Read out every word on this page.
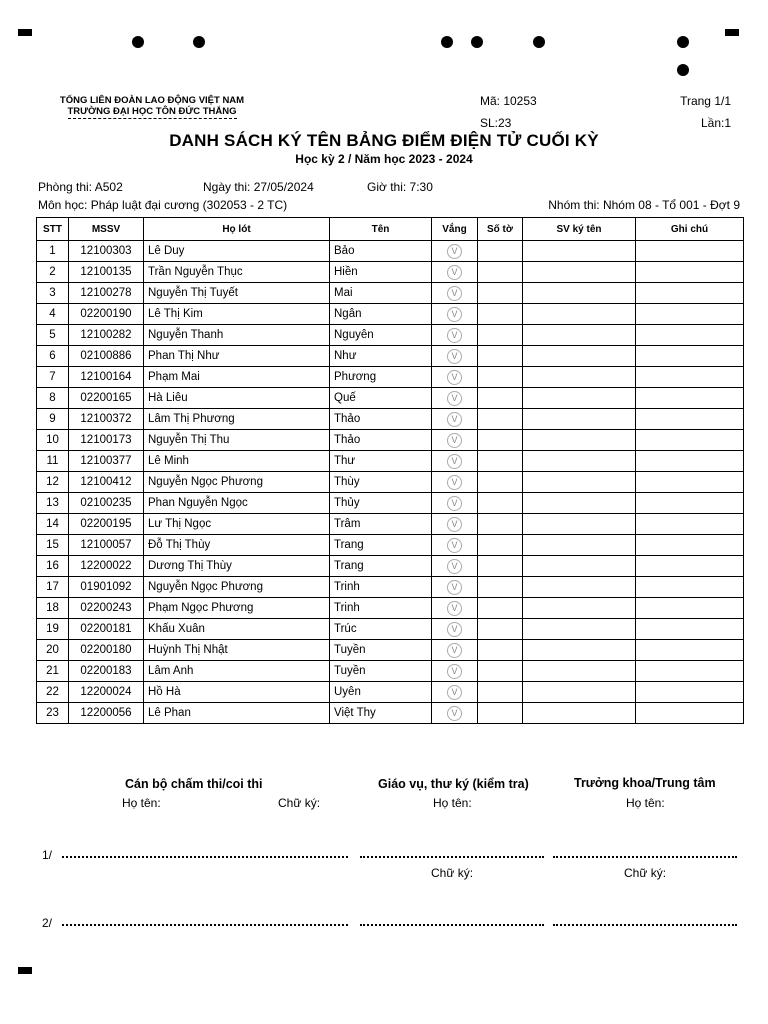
TỔNG LIÊN ĐOÀN LAO ĐỘNG VIỆT NAM
TRƯỜNG ĐẠI HỌC TÔN ĐỨC THẮNG
Mã: 10253
SL:23
Trang 1/1
Lần:1
DANH SÁCH KÝ TÊN BẢNG ĐIỂM ĐIỆN TỬ CUỐI KỲ
Học kỳ 2 / Năm học 2023 - 2024
Phòng thi: A502	Ngày thi: 27/05/2024	Giờ thi: 7:30
Môn học: Pháp luật đại cương (302053 - 2 TC)	Nhóm thi: Nhóm 08 - Tổ 001 - Đợt 9
STT	MSSV	Họ lót	Tên	Vắng	Số tờ	SV ký tên	Ghi chú
1	12100303	Lê Duy	Bảo	V			
2	12100135	Trần Nguyễn Thục	Hiền	V			
3	12100278	Nguyễn Thị Tuyết	Mai	V			
4	02200190	Lê Thị Kim	Ngân	V			
5	12100282	Nguyễn Thanh	Nguyên	V			
6	02100886	Phan Thị Như	Như	V			
7	12100164	Phạm Mai	Phương	V			
8	02200165	Hà Liêu	Quế	V			
9	12100372	Lâm Thị Phương	Thảo	V			
10	12100173	Nguyễn Thị Thu	Thảo	V			
11	12100377	Lê Minh	Thư	V			
12	12100412	Nguyễn Ngọc Phương	Thùy	V			
13	02100235	Phan Nguyễn Ngọc	Thủy	V			
14	02200195	Lư Thị Ngọc	Trâm	V			
15	12100057	Đỗ Thị Thùy	Trang	V			
16	12200022	Dương Thị Thùy	Trang	V			
17	01901092	Nguyễn Ngọc Phương	Trinh	V			
18	02200243	Phạm Ngọc Phương	Trinh	V			
19	02200181	Khấu Xuân	Trúc	V			
20	02200180	Huỳnh Thị Nhật	Tuyền	V			
21	02200183	Lâm Anh	Tuyền	V			
22	12200024	Hồ Hà	Uyên	V			
23	12200056	Lê Phan	Việt Thy	V			
Cán bộ chấm thi/coi thi	Giáo vụ, thư ký (kiểm tra)	Trưởng khoa/Trung tâm
Họ tên:	Chữ ký:	Họ tên:	Họ tên:
1/
Chữ ký:	Chữ ký:
2/
